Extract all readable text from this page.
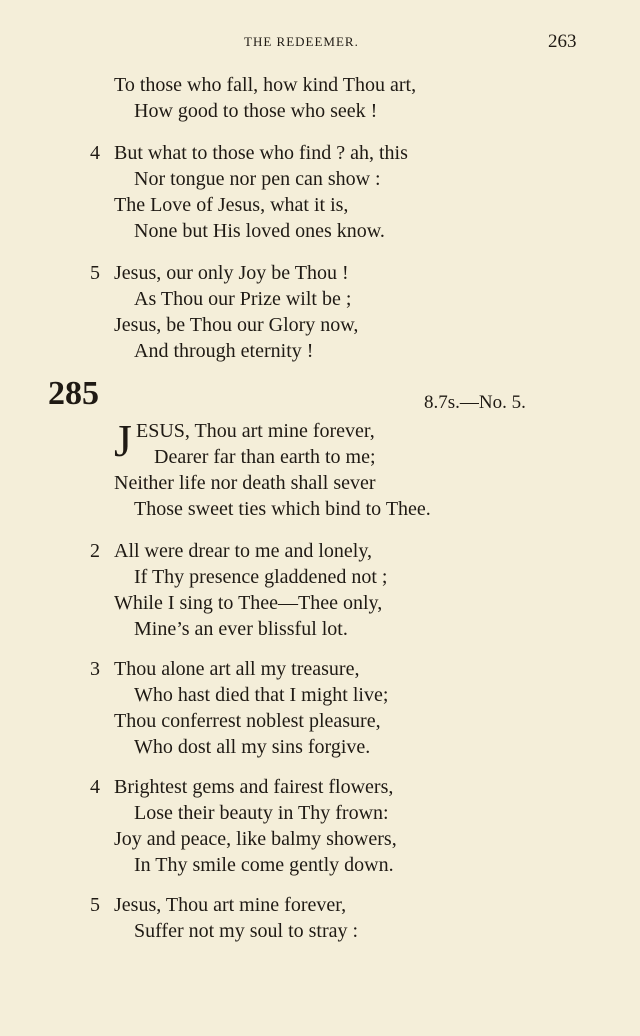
THE REDEEMER.	263
To those who fall, how kind Thou art,
How good to those who seek !
4 But what to those who find ? ah, this
Nor tongue nor pen can show :
The Love of Jesus, what it is,
None but His loved ones know.
5 Jesus, our only Joy be Thou !
As Thou our Prize wilt be ;
Jesus, be Thou our Glory now,
And through eternity !
285	8.7s.—No. 5.
J ESUS, Thou art mine forever,
Dearer far than earth to me;
Neither life nor death shall sever
Those sweet ties which bind to Thee.
2 All were drear to me and lonely,
If Thy presence gladdened not ;
While I sing to Thee—Thee only,
Mine’s an ever blissful lot.
3 Thou alone art all my treasure,
Who hast died that I might live;
Thou conferrest noblest pleasure,
Who dost all my sins forgive.
4 Brightest gems and fairest flowers,
Lose their beauty in Thy frown:
Joy and peace, like balmy showers,
In Thy smile come gently down.
5 Jesus, Thou art mine forever,
Suffer not my soul to stray :
